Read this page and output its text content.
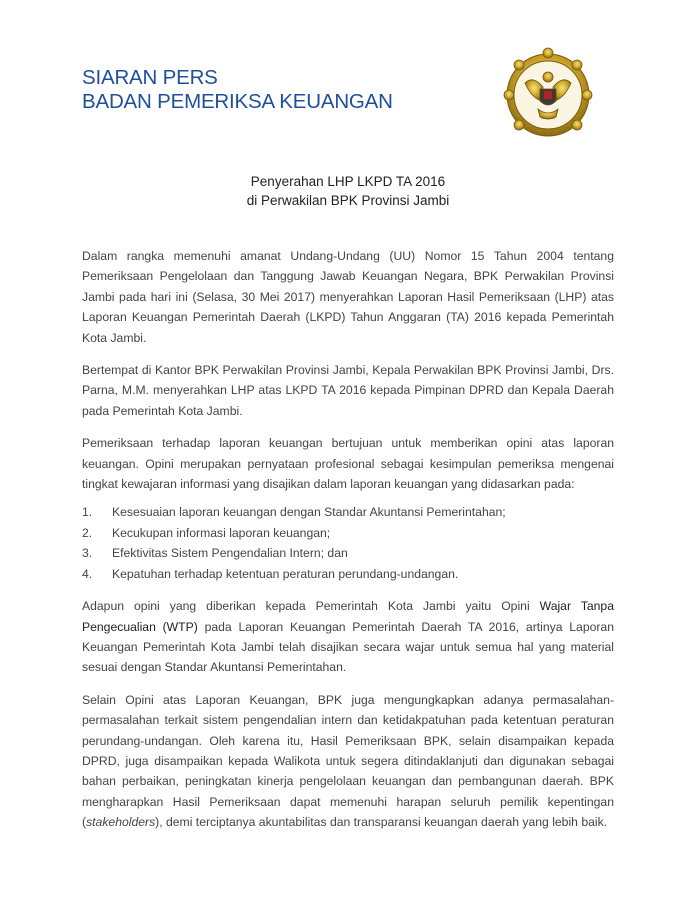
SIARAN PERS
BADAN PEMERIKSA KEUANGAN
Penyerahan LHP LKPD TA 2016
di Perwakilan BPK Provinsi Jambi

Dalam rangka memenuhi amanat Undang-Undang (UU) Nomor 15 Tahun 2004 tentang Pemeriksaan Pengelolaan dan Tanggung Jawab Keuangan Negara, BPK Perwakilan Provinsi Jambi pada hari ini (Selasa, 30 Mei 2017) menyerahkan Laporan Hasil Pemeriksaan (LHP) atas Laporan Keuangan Pemerintah Daerah (LKPD) Tahun Anggaran (TA) 2016 kepada Pemerintah Kota Jambi.

Bertempat di Kantor BPK Perwakilan Provinsi Jambi, Kepala Perwakilan BPK Provinsi Jambi, Drs. Parna, M.M. menyerahkan LHP atas LKPD TA 2016 kepada Pimpinan DPRD dan Kepala Daerah pada Pemerintah Kota Jambi.

Pemeriksaan terhadap laporan keuangan bertujuan untuk memberikan opini atas laporan keuangan. Opini merupakan pernyataan profesional sebagai kesimpulan pemeriksa mengenai tingkat kewajaran informasi yang disajikan dalam laporan keuangan yang didasarkan pada:

1.	Kesesuaian laporan keuangan dengan Standar Akuntansi Pemerintahan;
2.	Kecukupan informasi laporan keuangan;
3.	Efektivitas Sistem Pengendalian Intern; dan
4.	Kepatuhan terhadap ketentuan peraturan perundang-undangan.

Adapun opini yang diberikan kepada Pemerintah Kota Jambi yaitu Opini Wajar Tanpa Pengecualian (WTP) pada Laporan Keuangan Pemerintah Daerah TA 2016, artinya Laporan Keuangan Pemerintah Kota Jambi telah disajikan secara wajar untuk semua hal yang material sesuai dengan Standar Akuntansi Pemerintahan.

Selain Opini atas Laporan Keuangan, BPK juga mengungkapkan adanya permasalahan-permasalahan terkait sistem pengendalian intern dan ketidakpatuhan pada ketentuan peraturan perundang-undangan. Oleh karena itu, Hasil Pemeriksaan BPK, selain disampaikan kepada DPRD, juga disampaikan kepada Walikota untuk segera ditindaklanjuti dan digunakan sebagai bahan perbaikan, peningkatan kinerja pengelolaan keuangan dan pembangunan daerah. BPK mengharapkan Hasil Pemeriksaan dapat memenuhi harapan seluruh pemilik kepentingan (stakeholders), demi terciptanya akuntabilitas dan transparansi keuangan daerah yang lebih baik.
